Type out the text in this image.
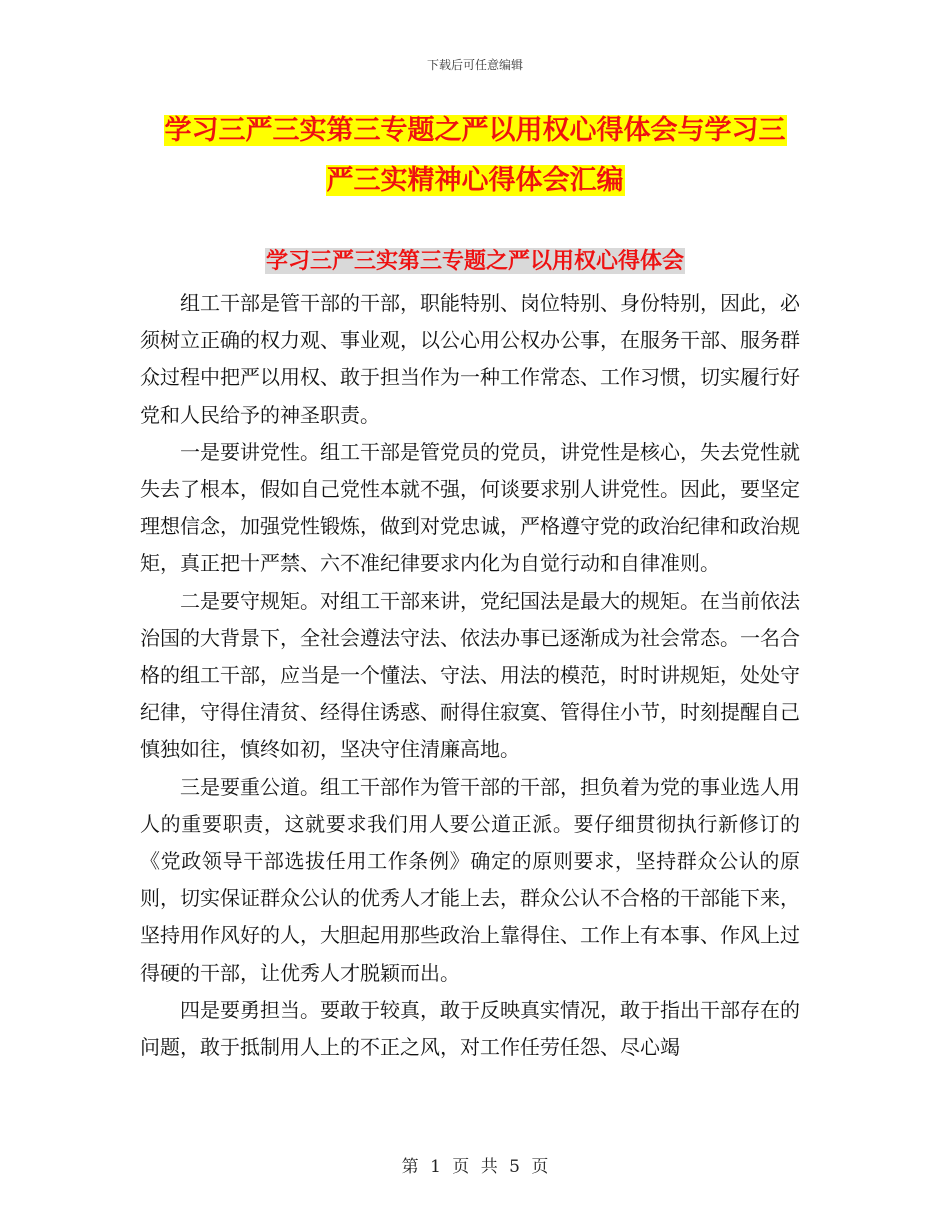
下载后可任意编辑
学习三严三实第三专题之严以用权心得体会与学习三
严三实精神心得体会汇编
学习三严三实第三专题之严以用权心得体会

组工干部是管干部的干部，职能特别、岗位特别、身份特别，因此，必须树立正确的权力观、事业观，以公心用公权办公事，在服务干部、服务群众过程中把严以用权、敢于担当作为一种工作常态、工作习惯，切实履行好党和人民给予的神圣职责。

一是要讲党性。组工干部是管党员的党员，讲党性是核心，失去党性就失去了根本，假如自己党性本就不强，何谈要求别人讲党性。因此，要坚定理想信念，加强党性锻炼，做到对党忠诚，严格遵守党的政治纪律和政治规矩，真正把十严禁、六不准纪律要求内化为自觉行动和自律准则。

二是要守规矩。对组工干部来讲，党纪国法是最大的规矩。在当前依法治国的大背景下，全社会遵法守法、依法办事已逐渐成为社会常态。一名合格的组工干部，应当是一个懂法、守法、用法的模范，时时讲规矩，处处守纪律，守得住清贫、经得住诱惑、耐得住寂寞、管得住小节，时刻提醒自己慎独如往，慎终如初，坚决守住清廉高地。

三是要重公道。组工干部作为管干部的干部，担负着为党的事业选人用人的重要职责，这就要求我们用人要公道正派。要仔细贯彻执行新修订的《党政领导干部选拔任用工作条例》确定的原则要求，坚持群众公认的原则，切实保证群众公认的优秀人才能上去，群众公认不合格的干部能下来，坚持用作风好的人，大胆起用那些政治上靠得住、工作上有本事、作风上过得硬的干部，让优秀人才脱颖而出。

四是要勇担当。要敢于较真，敢于反映真实情况，敢于指出干部存在的问题，敢于抵制用人上的不正之风，对工作任劳任怨、尽心竭

第 1 页 共 5 页
